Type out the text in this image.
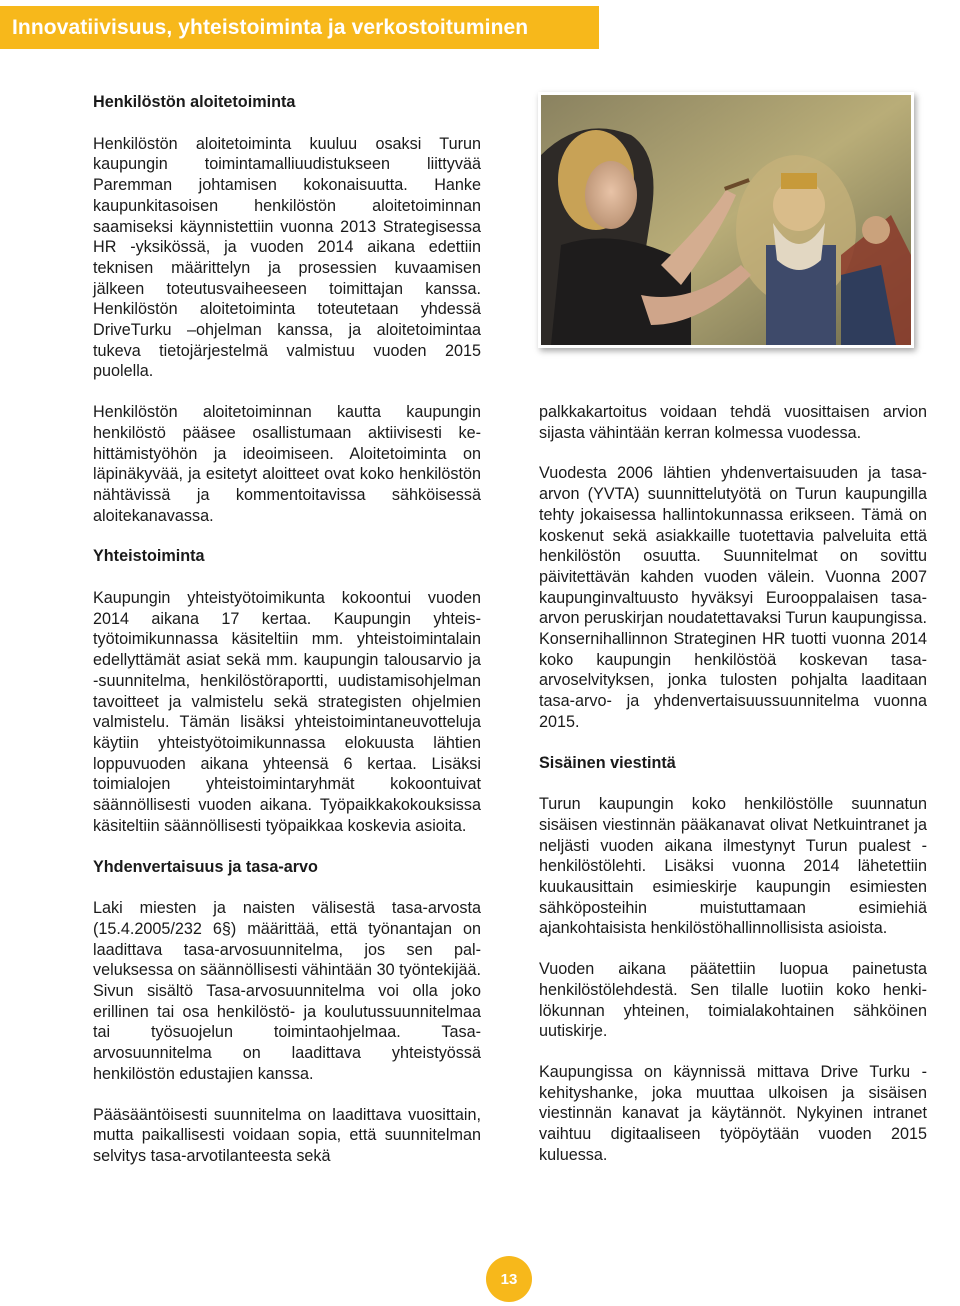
Innovatiivisuus, yhteistoiminta ja verkostoituminen
Henkilöstön aloitetoiminta

Henkilöstön aloitetoiminta kuuluu osaksi Turun kaupungin toimintamalliuudistukseen liittyvää Paremman johtamisen kokonaisuutta. Hanke kaupunkitasoisen henkilöstön aloitetoiminnan saamiseksi käynnistettiin vuonna 2013 Strategisessa HR -yksikössä, ja vuoden 2014 aikana edettiin teknisen määrittelyn ja prosessien kuvaamisen jälkeen toteutusvaiheeseen toimittajan kanssa. Henkilöstön aloitetoiminta toteutetaan yhdessä DriveTurku –ohjelman kanssa, ja aloitetoimintaa tukeva tietojärjestelmä valmistuu vuoden 2015 puolella.

Henkilöstön aloitetoiminnan kautta kaupungin henkilöstö pääsee osallistumaan aktiivisesti kehittämistyöhön ja ideoimiseen. Aloitetoiminta on läpinäkyvää, ja esitetyt aloitteet ovat koko henkilöstön nähtävissä ja kommentoitavissa sähköisessä aloitekanavassa.

Yhteistoiminta

Kaupungin yhteistyötoimikunta kokoontui vuoden 2014 aikana 17 kertaa. Kaupungin yhteistyötoimikunnassa käsiteltiin mm. yhteistoimintalain edellyttämät asiat sekä mm. kaupungin talousarvio ja -suunnitelma, henkilöstöraportti, uudistamisohjelman tavoitteet ja valmistelu sekä strategisten ohjelmien valmistelu. Tämän lisäksi yhteistoimintaneuvotteluja käytiin yhteistyötoimikunnassa elokuusta lähtien loppuvuoden aikana yhteensä 6 kertaa. Lisäksi toimialojen yhteistoimintaryhmät kokoontuivat säännöllisesti vuoden aikana. Työpaikkakokouksissa käsiteltiin säännöllisesti työpaikkaa koskevia asioita.

Yhdenvertaisuus ja tasa-arvo

Laki miesten ja naisten välisestä tasa-arvosta (15.4.2005/232 6§) määrittää, että työnantajan on laadittava tasa-arvosuunnitelma, jos sen palveluksessa on säännöllisesti vähintään 30 työntekijää. Sivun sisältö Tasa-arvosuunnitelma voi olla joko erillinen tai osa henkilöstö- ja koulutussuunnitelmaa tai työsuojelun toimintaohjelmaa. Tasa-arvosuunnitelma on laadittava yhteistyössä henkilöstön edustajien kanssa.

Pääsääntöisesti suunnitelma on laadittava vuosittain, mutta paikallisesti voidaan sopia, että suunnitelman selvitys tasa-arvotilanteesta sekä

palkkakartoitus voidaan tehdä vuosittaisen arvion sijasta vähintään kerran kolmessa vuodessa.

Vuodesta 2006 lähtien yhdenvertaisuuden ja tasa-arvon (YVTA) suunnittelutyötä on Turun kaupungilla tehty jokaisessa hallintokunnassa erikseen. Tämä on koskenut sekä asiakkaille tuotettavia palveluita että henkilöstön osuutta. Suunnitelmat on sovittu päivitettävän kahden vuoden välein. Vuonna 2007 kaupunginvaltuusto hyväksyi Eurooppalaisen tasa-arvon peruskirjan noudatettavaksi Turun kaupungissa. Konsernihallinnon Strateginen HR tuotti vuonna 2014 koko kaupungin henkilöstöä koskevan tasaarvoselvityksen, jonka tulosten pohjalta laaditaan tasa-arvo- ja yhdenvertaisuussuunnitelma vuonna 2015.

Sisäinen viestintä

Turun kaupungin koko henkilöstölle suunnatun sisäisen viestinnän pääkanavat olivat Netkuintranet ja neljästi vuoden aikana ilmestynyt Turun pualest -henkilöstölehti. Lisäksi vuonna 2014 lähetettiin kuukausittain esimieskirje kaupungin esimiesten sähköposteihin muistuttamaan esimiehiä ajankohtaisista henkilöstöhallinnollisista asioista.

Vuoden aikana päätettiin luopua painetusta henkilöstölehdestä. Sen tilalle luotiin koko henkilökunnan yhteinen, toimialakohtainen sähköinen uutiskirje.

Kaupungissa on käynnissä mittava Drive Turku -kehityshanke, joka muuttaa ulkoisen ja sisäisen viestinnän kanavat ja käytännöt. Nykyinen intranet vaihtuu digitaaliseen työpöytään vuoden 2015 kuluessa.

13
